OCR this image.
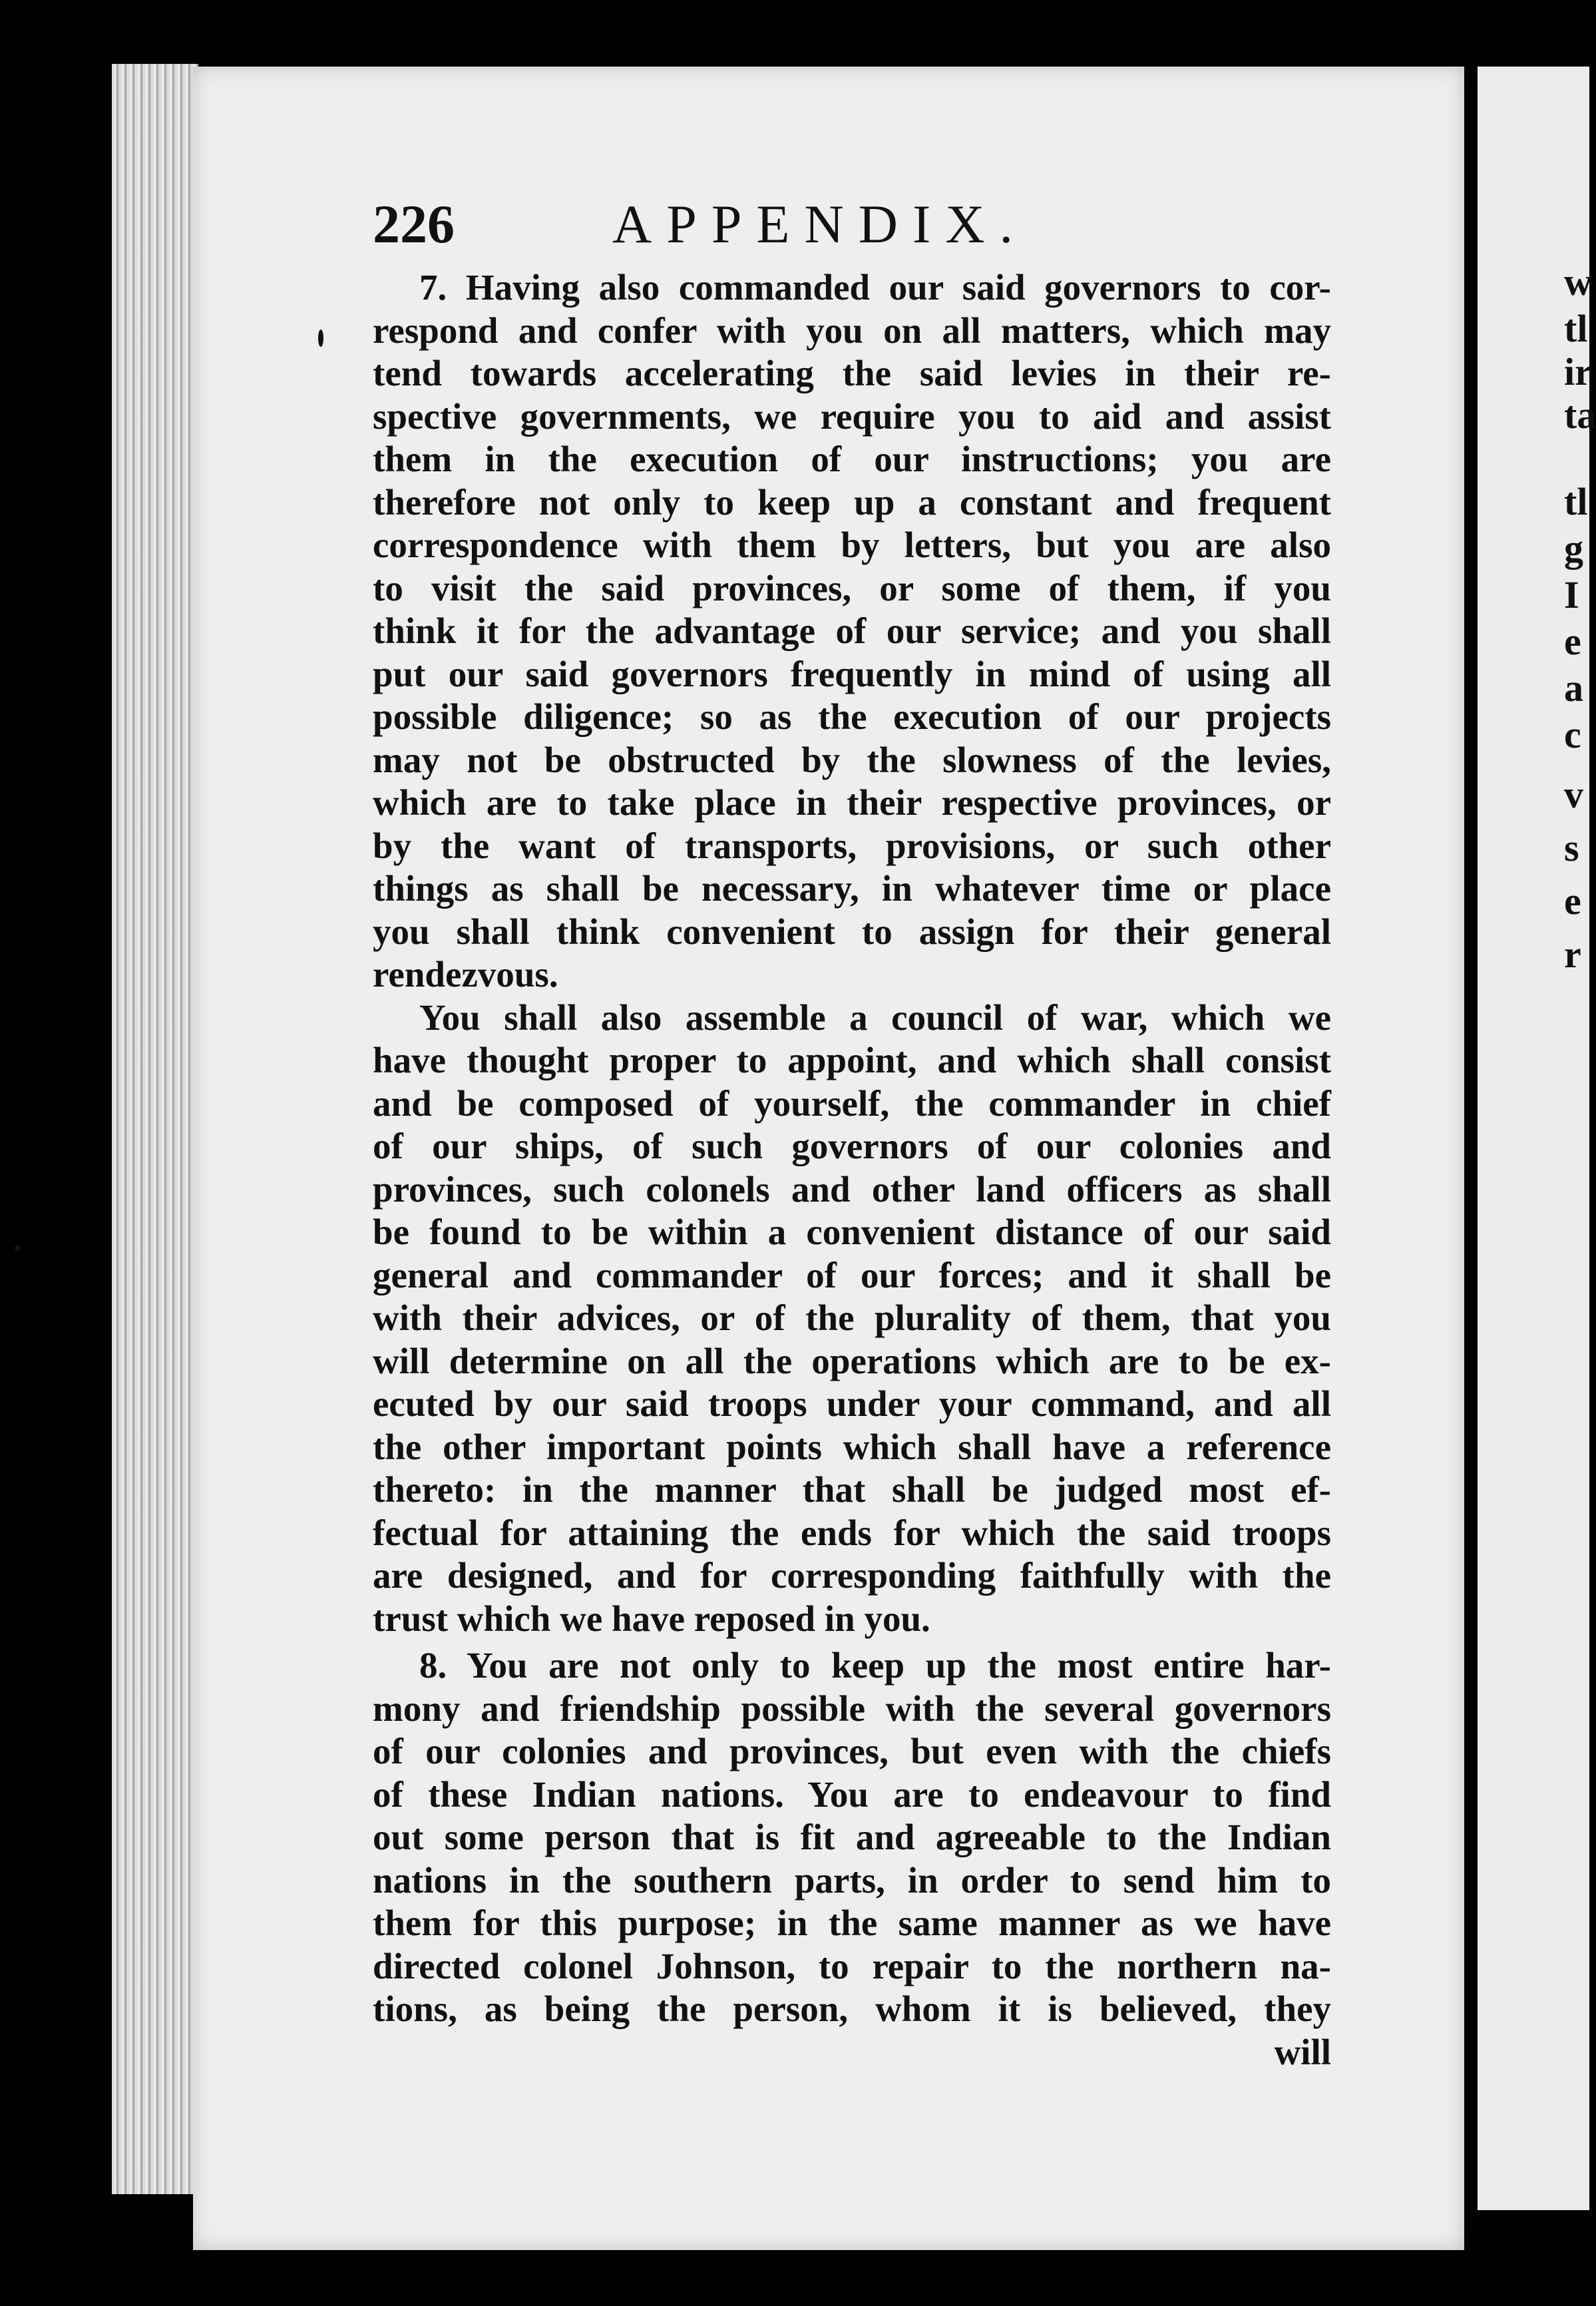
w
tl
ir
ta
tl
g
I
e
a
c
v
s
e
r
226	APPENDIX.
7. Having also commanded our said governors to cor-
respond and confer with you on all matters, which may
tend towards accelerating the said levies in their re-
spective governments, we require you to aid and assist
them in the execution of our instructions; you are
therefore not only to keep up a constant and frequent
correspondence with them by letters, but you are also
to visit the said provinces, or some of them, if you
think it for the advantage of our service; and you shall
put our said governors frequently in mind of using all
possible diligence; so as the execution of our projects
may not be obstructed by the slowness of the levies,
which are to take place in their respective provinces, or
by the want of transports, provisions, or such other
things as shall be necessary, in whatever time or place
you shall think convenient to assign for their general
rendezvous.
You shall also assemble a council of war, which we
have thought proper to appoint, and which shall consist
and be composed of yourself, the commander in chief
of our ships, of such governors of our colonies and
provinces, such colonels and other land officers as shall
be found to be within a convenient distance of our said
general and commander of our forces; and it shall be
with their advices, or of the plurality of them, that you
will determine on all the operations which are to be ex-
ecuted by our said troops under your command, and all
the other important points which shall have a reference
thereto: in the manner that shall be judged most ef-
fectual for attaining the ends for which the said troops
are designed, and for corresponding faithfully with the
trust which we have reposed in you.
8. You are not only to keep up the most entire har-
mony and friendship possible with the several governors
of our colonies and provinces, but even with the chiefs
of these Indian nations. You are to endeavour to find
out some person that is fit and agreeable to the Indian
nations in the southern parts, in order to send him to
them for this purpose; in the same manner as we have
directed colonel Johnson, to repair to the northern na-
tions, as being the person, whom it is believed, they
will
